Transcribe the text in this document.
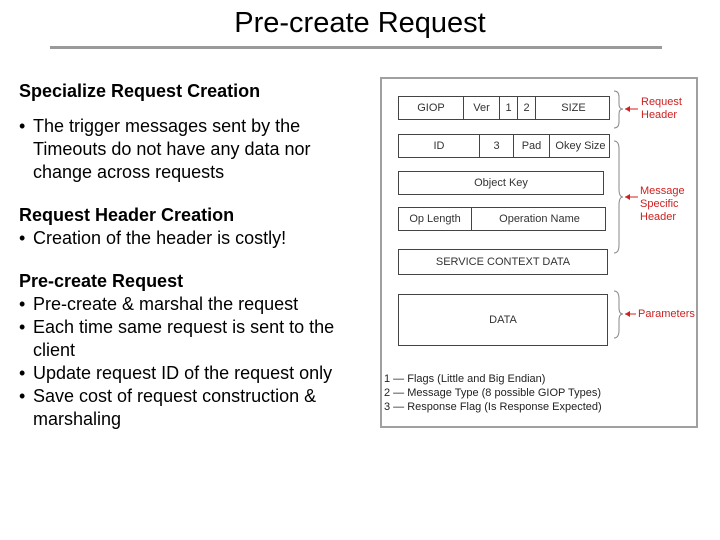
Pre-create Request
Specialize Request Creation
• The trigger messages sent by the Timeouts do not have any data nor change across requests
Request Header Creation
• Creation of the header is costly!
Pre-create Request
• Pre-create & marshal the request
• Each time same request is sent to the client
• Update request ID of the request only
• Save cost of request construction & marshaling
GIOP	Ver	1	2	SIZE
ID	3	Pad	Okey Size
Object Key
Op Length	Operation Name
SERVICE CONTEXT DATA
DATA
Request
Header
Message
Specific
Header
Parameters
1 — Flags (Little and Big Endian)
2 — Message Type (8 possible GIOP Types)
3 — Response Flag (Is Response Expected)
